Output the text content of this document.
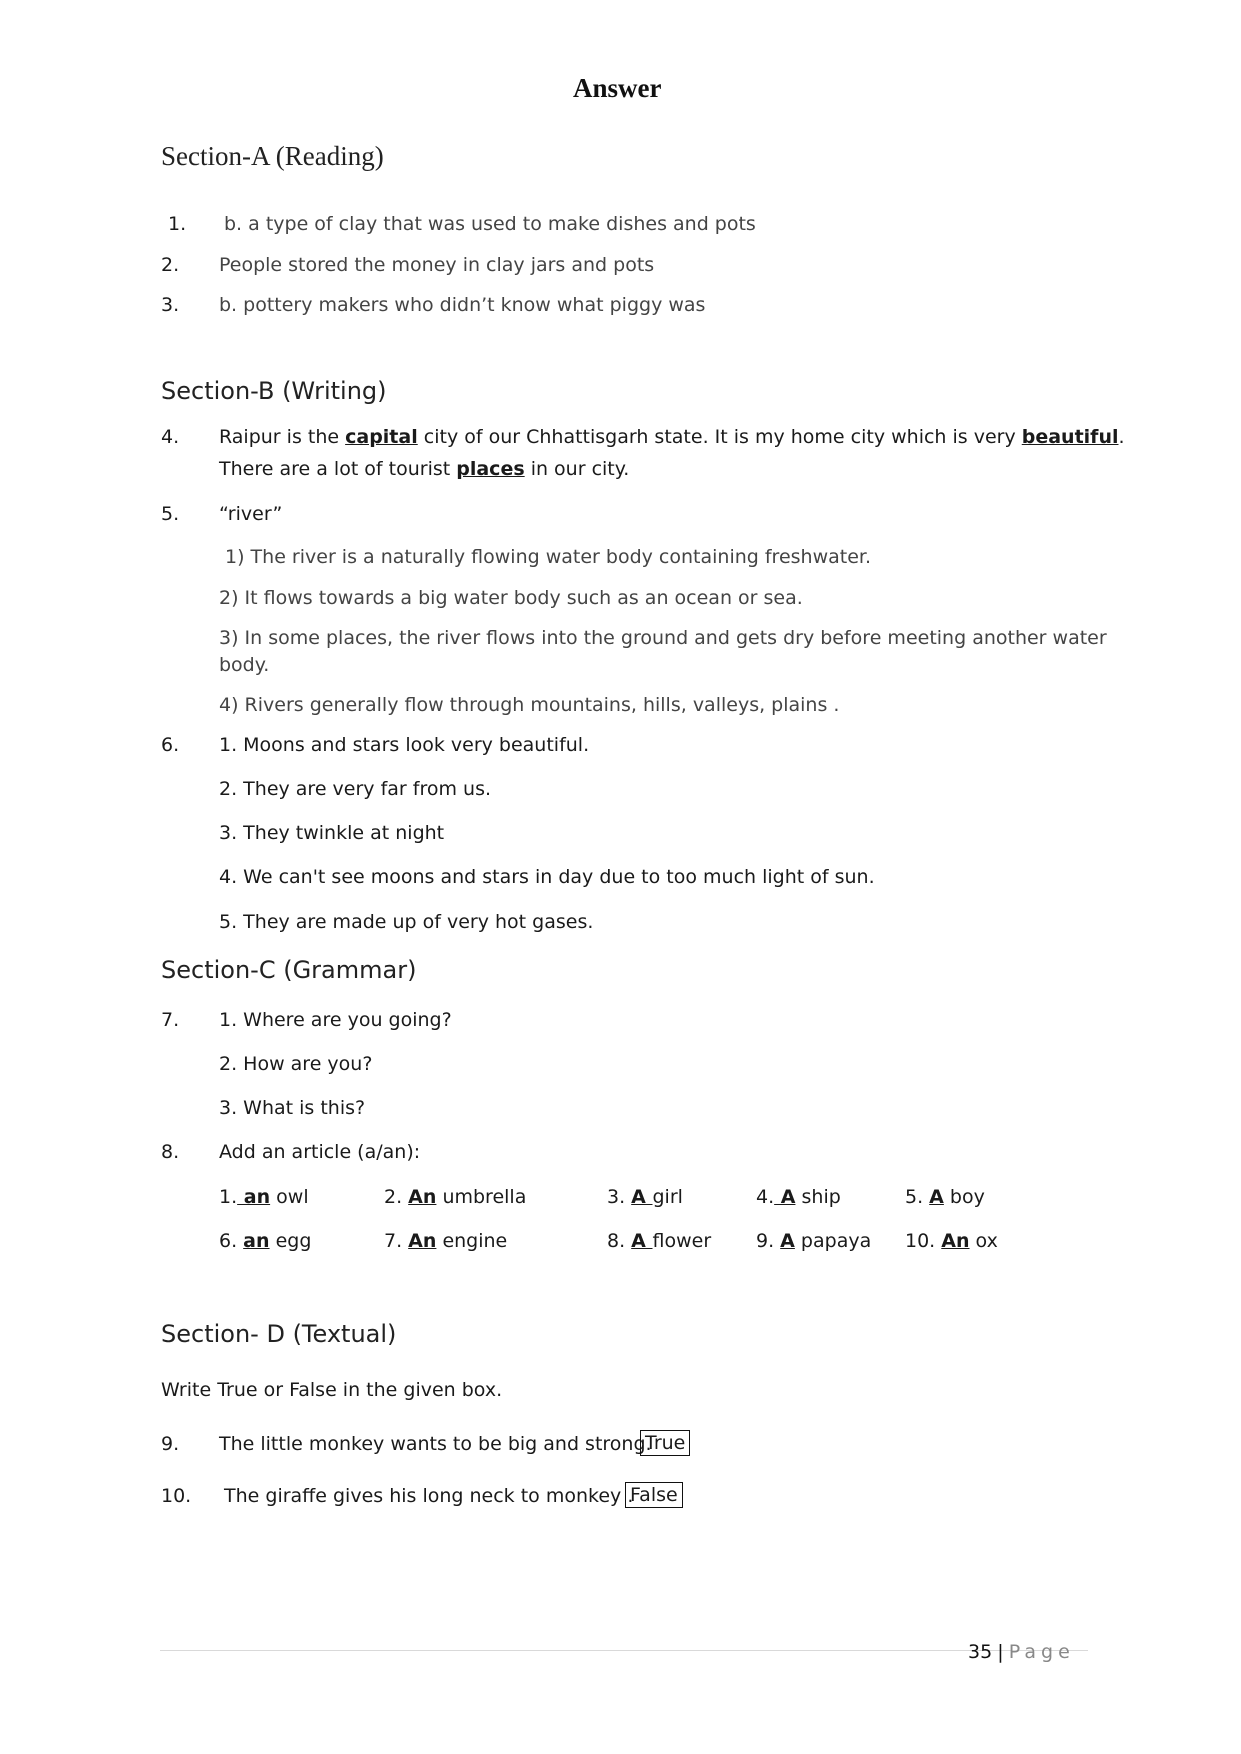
Answer
Section-A (Reading)
1. b. a type of clay that was used to make dishes and pots
2. People stored the money in clay jars and pots
3. b. pottery makers who didn’t know what piggy was
Section-B (Writing)
4. Raipur is the capital city of our Chhattisgarh state. It is my home city which is very beautiful.
There are a lot of tourist places in our city.
5. “river”
1) The river is a naturally flowing water body containing freshwater.
2) It flows towards a big water body such as an ocean or sea.
3) In some places, the river flows into the ground and gets dry before meeting another water
body.
4) Rivers generally flow through mountains, hills, valleys, plains .
6. 1. Moons and stars look very beautiful.
2. They are very far from us.
3. They twinkle at night
4. We can't see moons and stars in day due to too much light of sun.
5. They are made up of very hot gases.
Section-C (Grammar)
7. 1. Where are you going?
2. How are you?
3. What is this?
8. Add an article (a/an):
1. an owl	2. An umbrella	3. A girl	4. A ship	5. A boy
6. an egg	7. An engine	8. A flower 9. A papaya 10. An ox
Section- D (Textual)
Write True or False in the given box.
9. The little monkey wants to be big and strong.
True
10. The giraffe gives his long neck to monkey .
False
35 | Page
